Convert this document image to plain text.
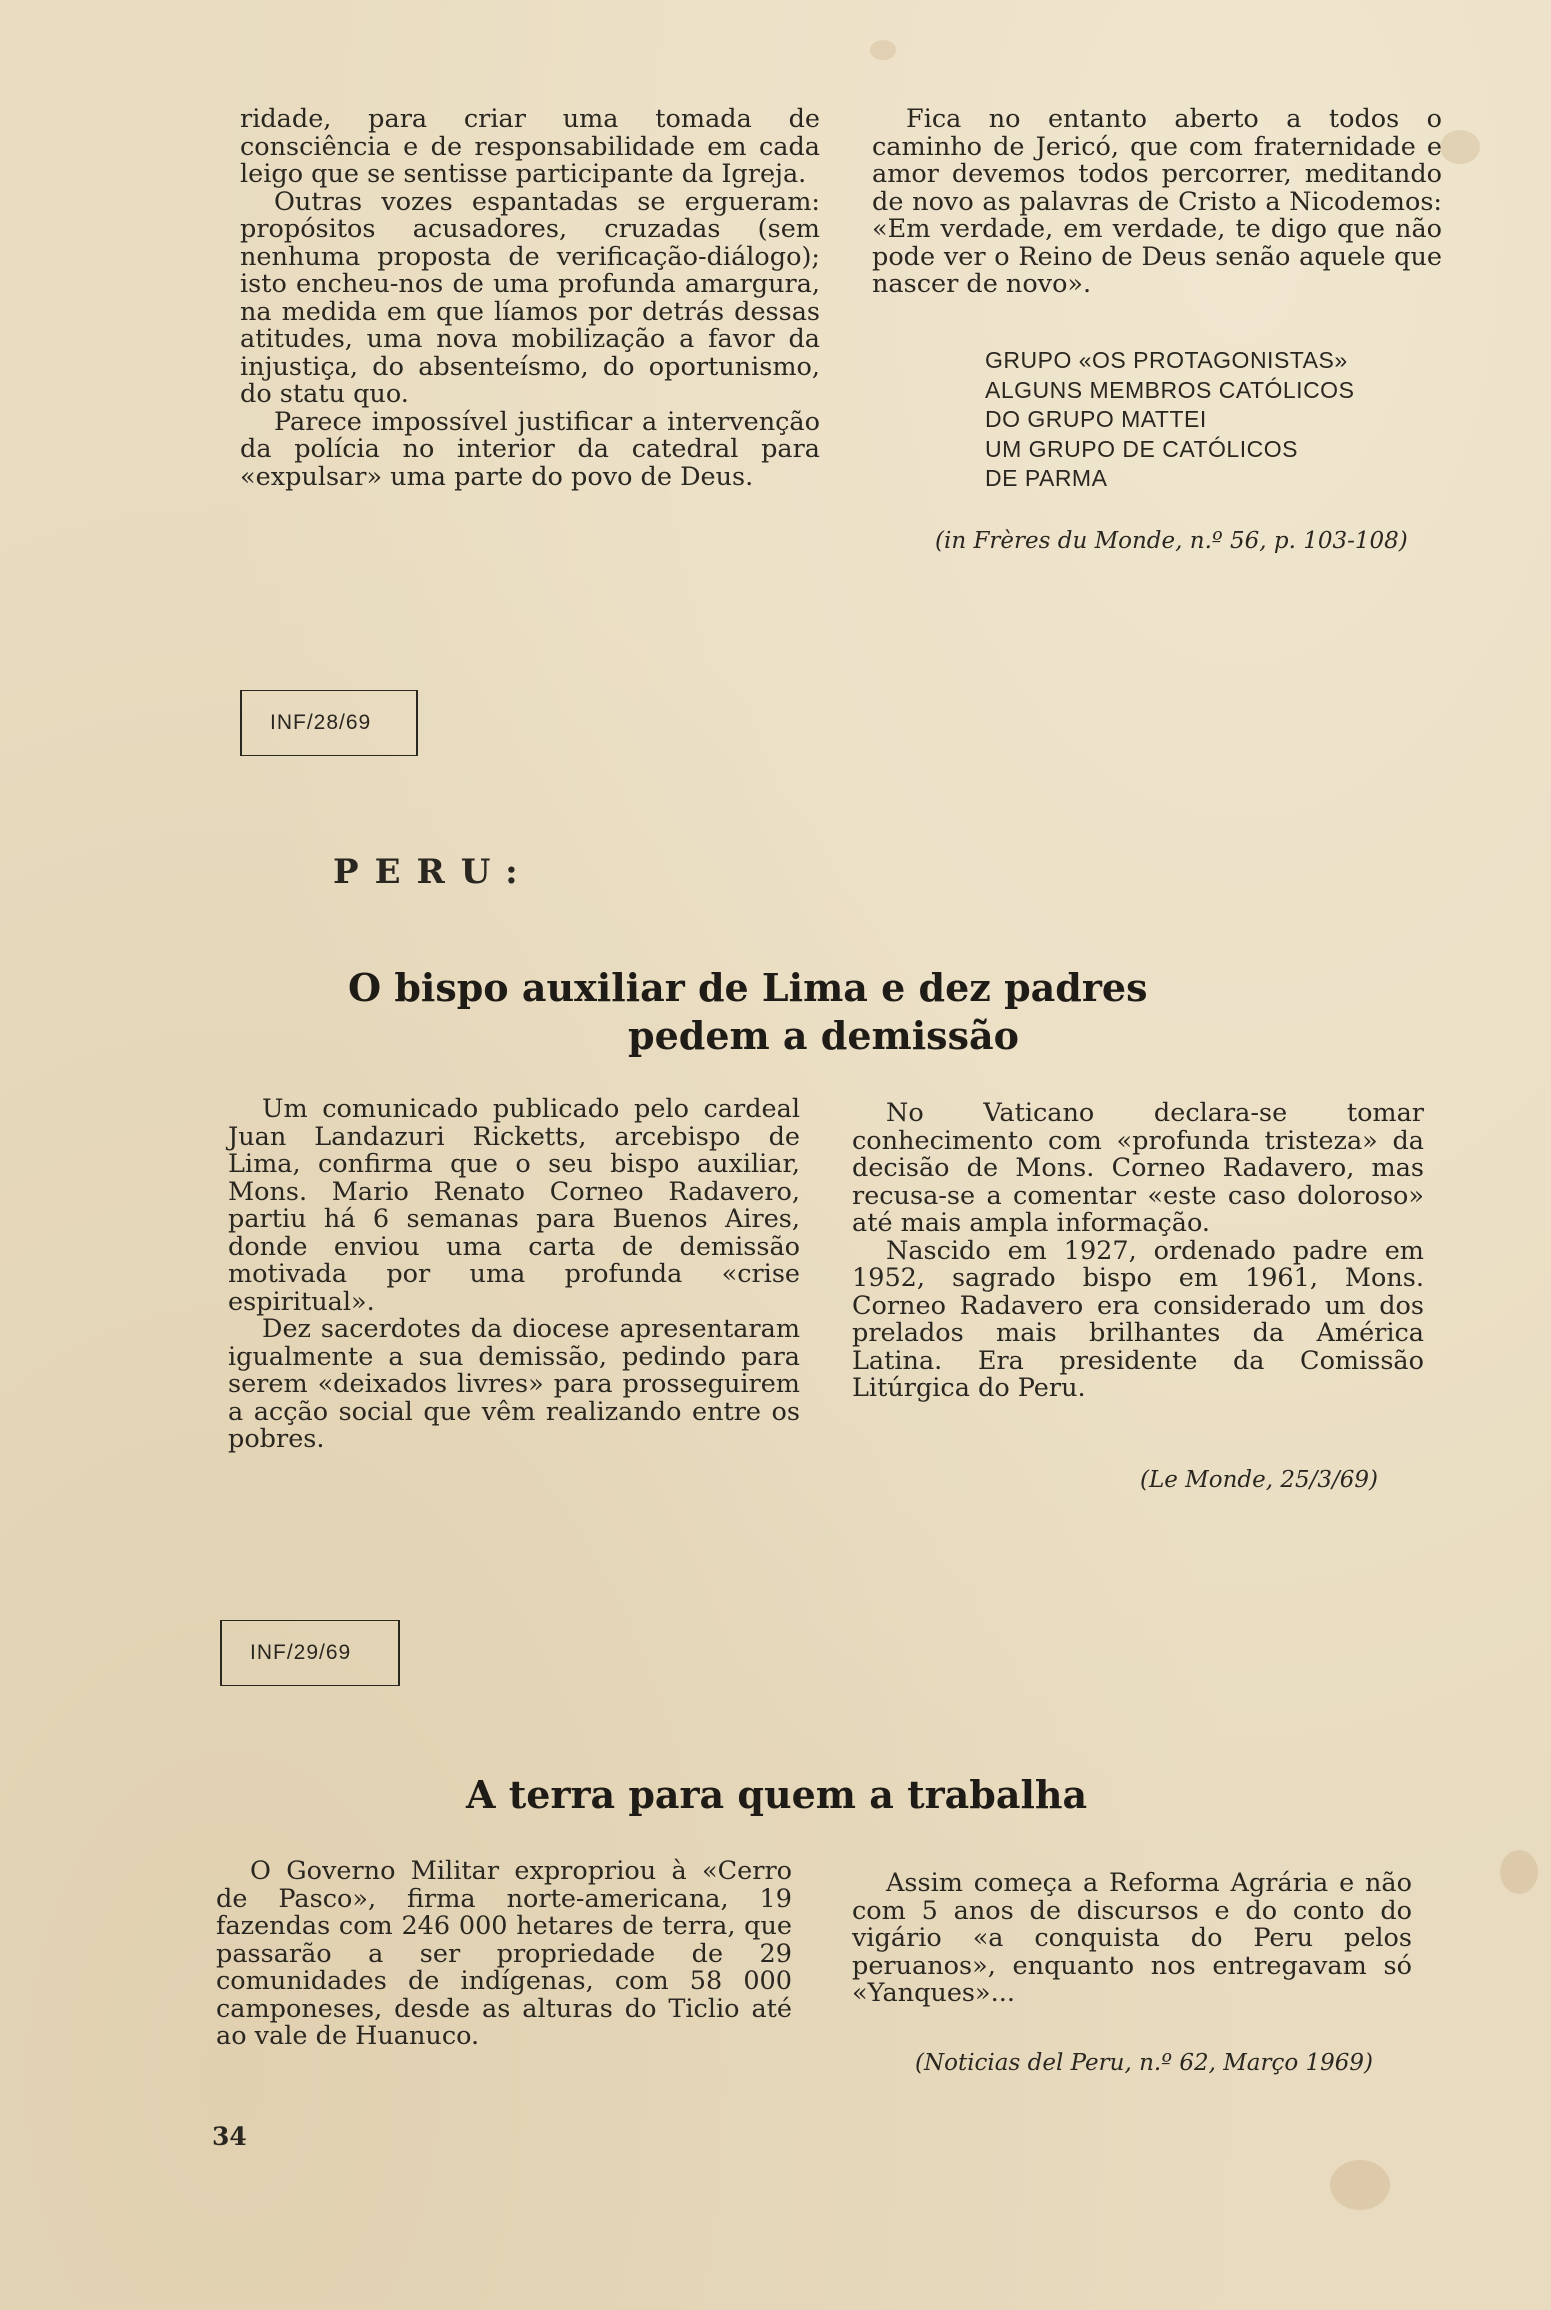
ridade, para criar uma tomada de consciência e de responsabilidade em cada leigo que se sentisse participante da Igreja.

Outras vozes espantadas se ergueram: propósitos acusadores, cruzadas (sem nenhuma proposta de verificação-diálogo); isto encheu-nos de uma profunda amargura, na medida em que líamos por detrás dessas atitudes, uma nova mobilização a favor da injustiça, do absenteísmo, do oportunismo, do statu quo.

Parece impossível justificar a intervenção da polícia no interior da catedral para «expulsar» uma parte do povo de Deus.

Fica no entanto aberto a todos o caminho de Jericó, que com fraternidade e amor devemos todos percorrer, meditando de novo as palavras de Cristo a Nicodemos: «Em verdade, em verdade, te digo que não pode ver o Reino de Deus senão aquele que nascer de novo».

GRUPO «OS PROTAGONISTAS»
ALGUNS MEMBROS CATÓLICOS
DO GRUPO MATTEI
UM GRUPO DE CATÓLICOS
DE PARMA
(in Frères du Monde, n.º 56, p. 103-108)
INF/28/69
PERU:
O bispo auxiliar de Lima e dez padres
pedem a demissão

Um comunicado publicado pelo cardeal Juan Landazuri Ricketts, arcebispo de Lima, confirma que o seu bispo auxiliar, Mons. Mario Renato Corneo Radavero, partiu há 6 semanas para Buenos Aires, donde enviou uma carta de demissão motivada por uma profunda «crise espiritual».

Dez sacerdotes da diocese apresentaram igualmente a sua demissão, pedindo para serem «deixados livres» para prosseguirem a acção social que vêm realizando entre os pobres.

No Vaticano declara-se tomar conhecimento com «profunda tristeza» da decisão de Mons. Corneo Radavero, mas recusa-se a comentar «este caso doloroso» até mais ampla informação.

Nascido em 1927, ordenado padre em 1952, sagrado bispo em 1961, Mons. Corneo Radavero era considerado um dos prelados mais brilhantes da América Latina. Era presidente da Comissão Litúrgica do Peru.

(Le Monde, 25/3/69)
INF/29/69
A terra para quem a trabalha

O Governo Militar expropriou à «Cerro de Pasco», firma norte-americana, 19 fazendas com 246 000 hetares de terra, que passarão a ser propriedade de 29 comunidades de indígenas, com 58 000 camponeses, desde as alturas do Ticlio até ao vale de Huanuco.

Assim começa a Reforma Agrária e não com 5 anos de discursos e do conto do vigário «a conquista do Peru pelos peruanos», enquanto nos entregavam só «Yanques»...

(Noticias del Peru, n.º 62, Março 1969)
34
